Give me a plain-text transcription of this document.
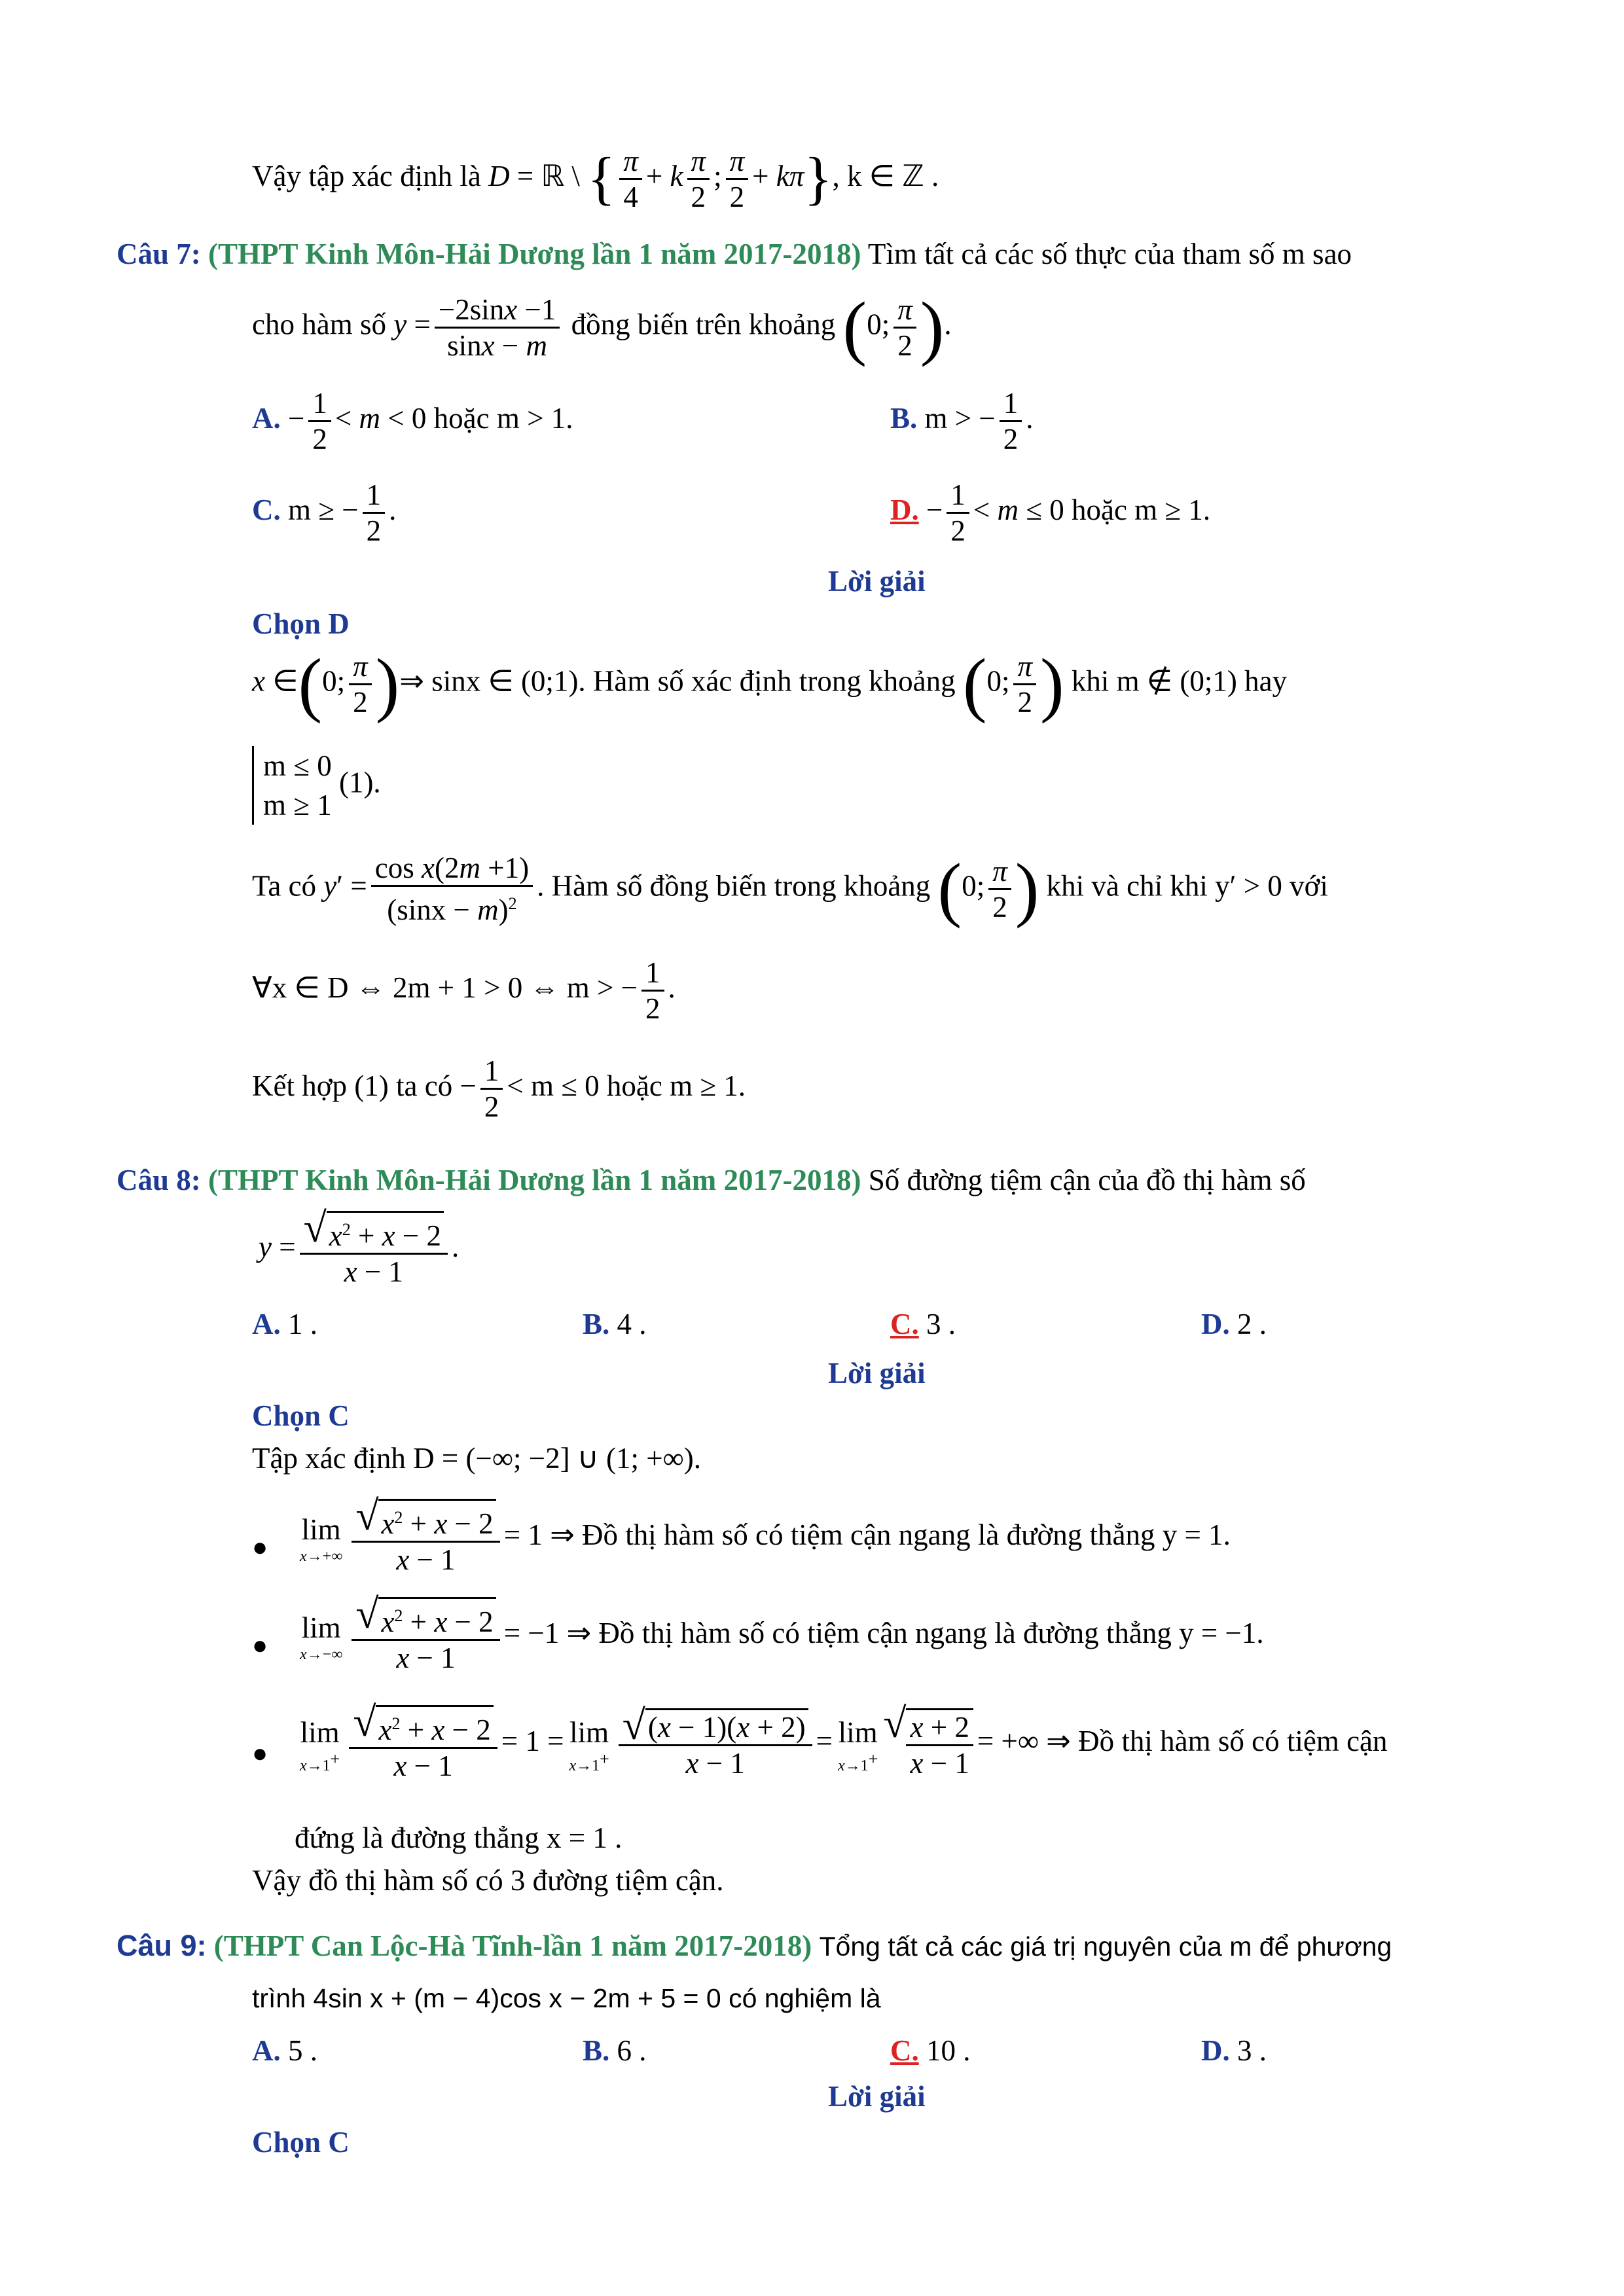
Vậy tập xác định là D = ℝ \ { $\frac{\pi}{4} + k \frac{\pi}{2}$ ; $\frac{\pi}{2} + k\pi$}, k ∈ ℤ .
Câu 7: (THPT Kinh Môn-Hải Dương lần 1 năm 2017-2018) Tìm tất cả các số thực của tham số m sao
cho hàm số $y = \frac{-2\sin x -1}{\sin x - m}$ đồng biến trên khoảng (0; $\frac{\pi}{2}$ ).
A. − $\frac{1}{2} < m < 0$ hoặc m > 1.	B. m > − $\frac{1}{2}$ .
C. m ≥ − $\frac{1}{2}$ .	D. − $\frac{1}{2} < m \le 0$ hoặc m ≥ 1.
Lời giải
Chọn D
x ∈(0; $\frac{\pi}{2}$ )⇒ sinx ∈ (0;1). Hàm số xác định trong khoảng (0; $\frac{\pi}{2}$ ) khi m ∉ (0;1) hay
m ≤ 0
m ≥ 1
(1).
Ta có $y' = \frac{\text{cos x(2m +1)}}{(\sin x - m)^2}$ . Hàm số đồng biến trong khoảng (0; $\frac{\pi}{2}$ ) khi và chỉ khi y′ > 0 với
∀x ∈ D ⇔ 2m + 1 > 0 ⇔ m > − $\frac{1}{2}$ .
Kết hợp (1) ta có − $\frac{1}{2} < m \le 0$ hoặc m ≥ 1.
Câu 8: (THPT Kinh Môn-Hải Dương lần 1 năm 2017-2018) Số đường tiệm cận của đồ thị hàm số
$y = \frac{√x^2 + x - 2}{x - 1}$ .
A. 1 .	B. 4 .	C. 3 .	D. 2 .
Lời giải
Chọn C
Tập xác định D = (−∞; −2] ∪ (1; +∞).
●
lim
$x\to+\infty \frac{√x^2 + x - 2}{x - 1} = 1$ ⇒ Đồ thị hàm số có tiệm cận ngang là đường thẳng y = 1.
●
lim
$x\to-\infty \frac{√x^2 + x - 2}{x - 1} = -1$ ⇒ Đồ thị hàm số có tiệm cận ngang là đường thẳng y = −1.
●
lim
$x\to 1^+ \frac{√x^2 + x - 2}{x - 1} = 1 = \lim$
$x\to 1^+ \frac{√(x - 1)(x + 2)}{x - 1} = \lim$
x→1+
√ $\frac{x + 2}{x - 1}$ = +∞ ⇒ Đồ thị hàm số có tiệm cận
đứng là đường thẳng x = 1 .
Vậy đồ thị hàm số có 3 đường tiệm cận.
Câu 9: (THPT Can Lộc-Hà Tĩnh-lần 1 năm 2017-2018) Tổng tất cả các giá trị nguyên của m để phương
trình 4sin x + (m − 4)cos x − 2m + 5 = 0 có nghiệm là
A. 5 .	B. 6 .	C. 10 .	D. 3 .
Lời giải
Chọn C
